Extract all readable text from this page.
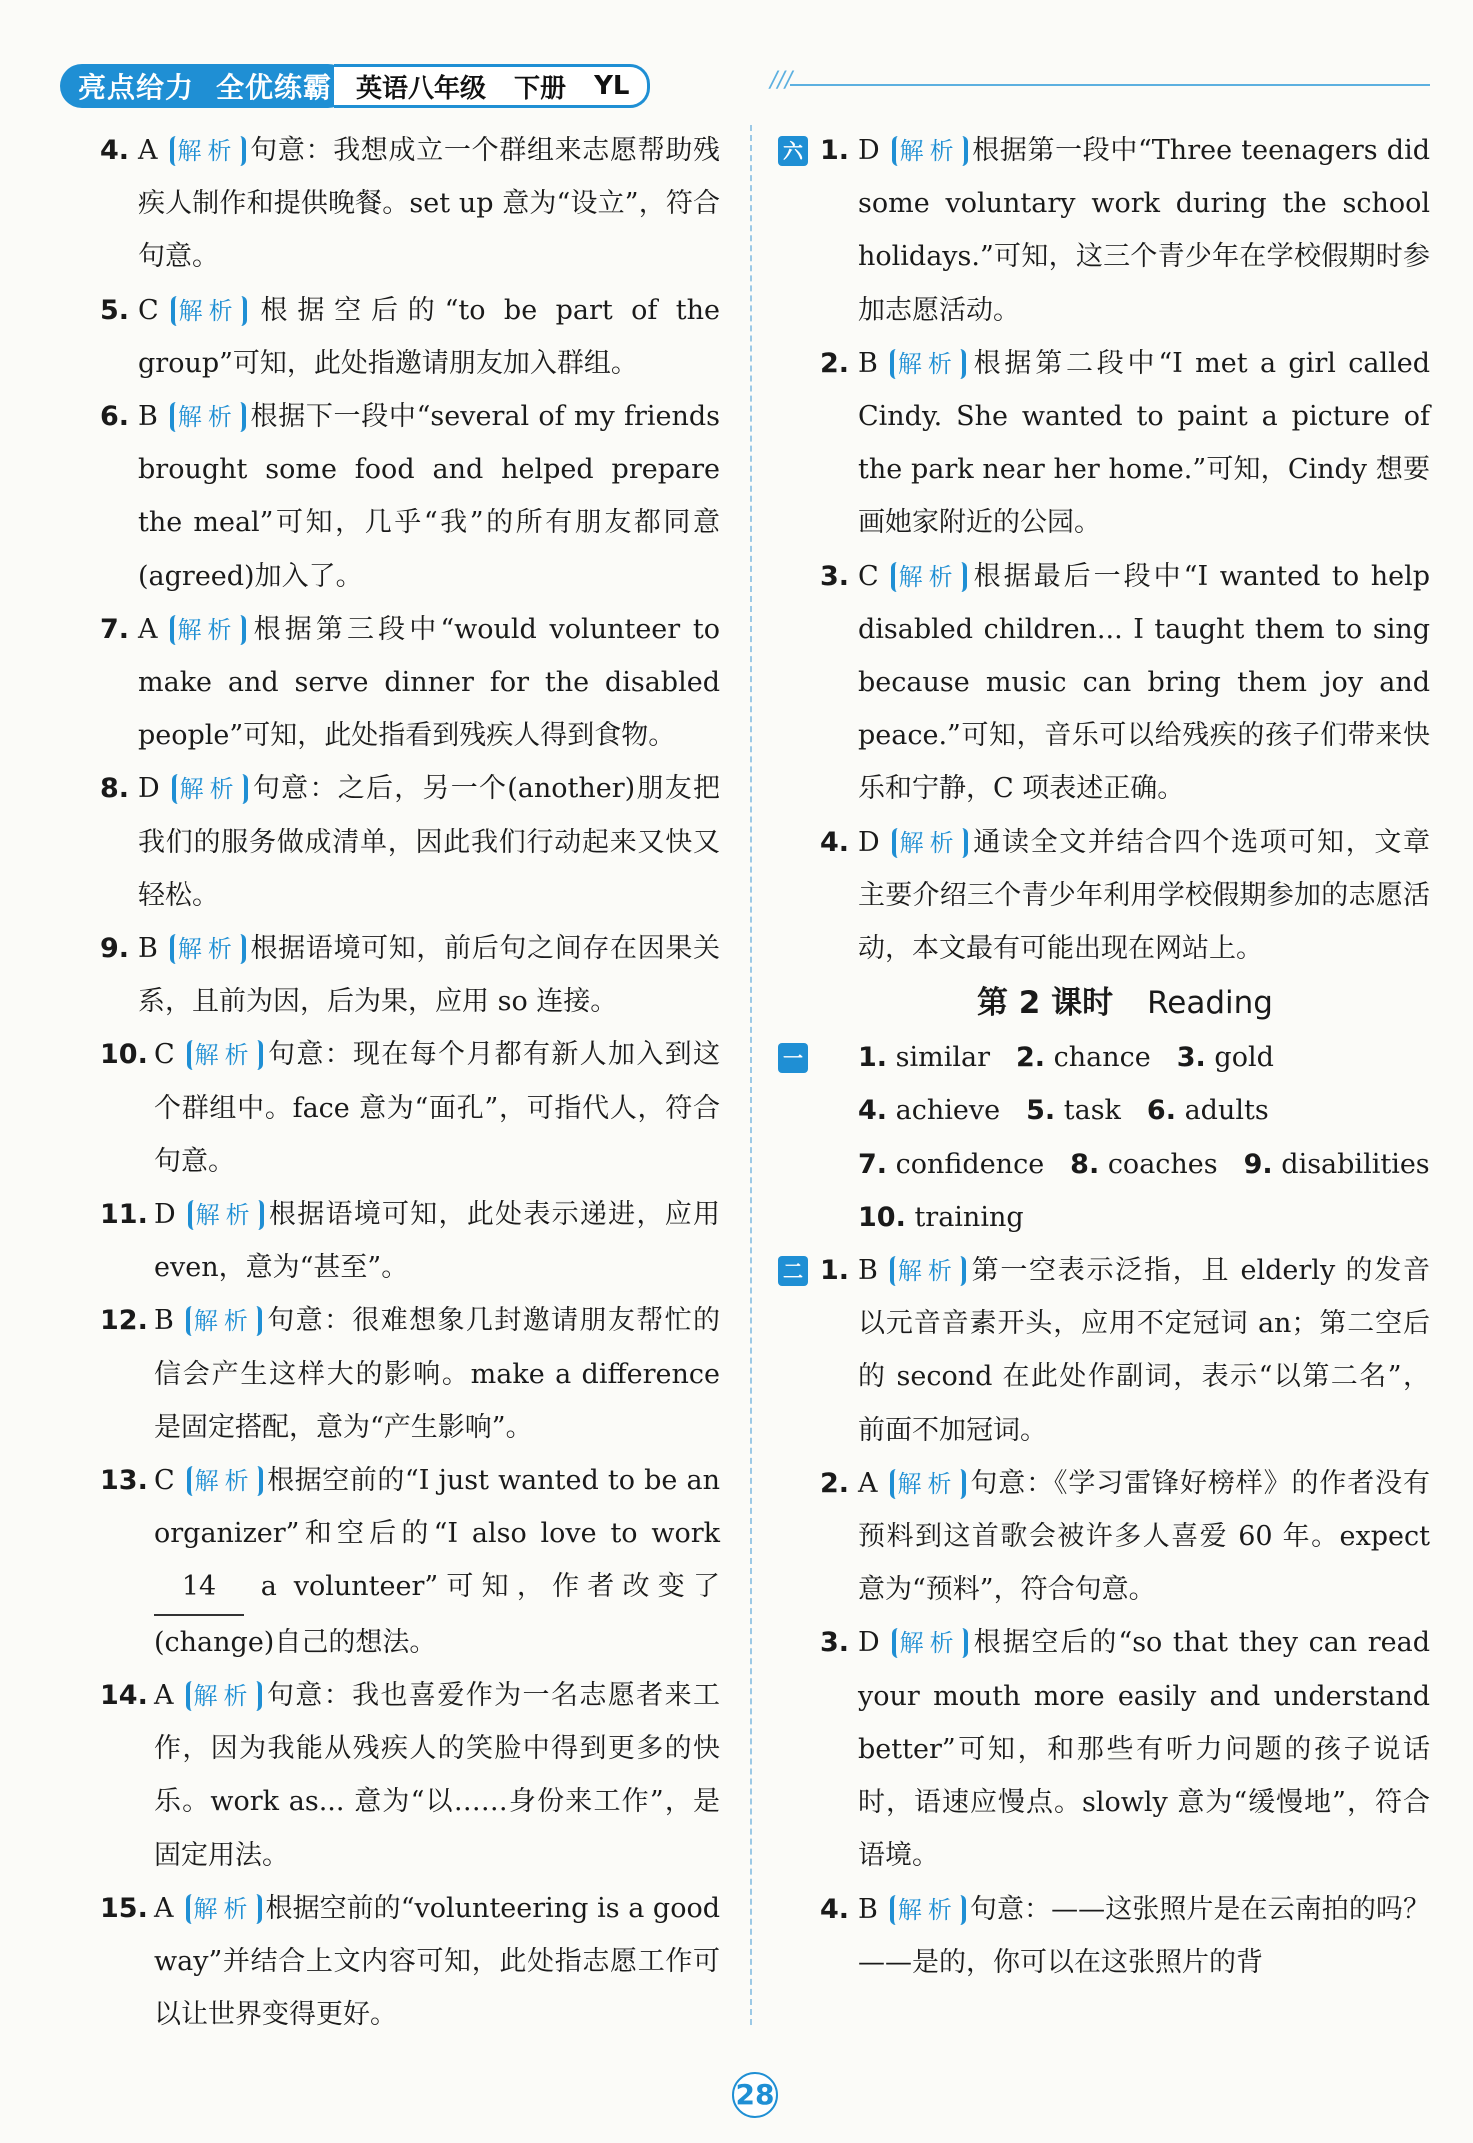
亮点给力 全优练霸 英语八年级 下册 YL	///
4. A 解析 句意：我想成立一个群组来志愿帮助残疾人制作和提供晚餐。set up 意为“设立”，符合句意。
5. C 解析 根据空后的“to be part of the group”可知，此处指邀请朋友加入群组。
6. B 解析 根据下一段中“several of my friends brought some food and helped prepare the meal”可知，几乎“我”的所有朋友都同意(agreed)加入了。
7. A 解析 根据第三段中“would volunteer to make and serve dinner for the disabled people”可知，此处指看到残疾人得到食物。
8. D 解析 句意：之后，另一个(another)朋友把我们的服务做成清单，因此我们行动起来又快又轻松。
9. B 解析 根据语境可知，前后句之间存在因果关系，且前为因，后为果，应用 so 连接。
10. C 解析 句意：现在每个月都有新人加入到这个群组中。face 意为“面孔”，可指代人，符合句意。
11. D 解析 根据语境可知，此处表示递进，应用 even，意为“甚至”。
12. B 解析 句意：很难想象几封邀请朋友帮忙的信会产生这样大的影响。make a difference 是固定搭配，意为“产生影响”。
13. C 解析 根据空前的“I just wanted to be an organizer”和空后的“I also love to work 14 a volunteer”可知，作者改变了(change)自己的想法。
14. A 解析 句意：我也喜爱作为一名志愿者来工作，因为我能从残疾人的笑脸中得到更多的快乐。work as... 意为“以……身份来工作”，是固定用法。
15. A 解析 根据空前的“volunteering is a good way”并结合上文内容可知，此处指志愿工作可以让世界变得更好。
六 1. D 解析 根据第一段中“Three teenagers did some voluntary work during the school holidays.”可知，这三个青少年在学校假期时参加志愿活动。
2. B 解析 根据第二段中“I met a girl called Cindy. She wanted to paint a picture of the park near her home.”可知，Cindy 想要画她家附近的公园。
3. C 解析 根据最后一段中“I wanted to help disabled children... I taught them to sing because music can bring them joy and peace.”可知，音乐可以给残疾的孩子们带来快乐和宁静，C 项表述正确。
4. D 解析 通读全文并结合四个选项可知，文章主要介绍三个青少年利用学校假期参加的志愿活动，本文最有可能出现在网站上。
第 2 课时 Reading
一 1. similar 2. chance 3. gold
4. achieve 5. task 6. adults
7. confidence 8. coaches 9. disabilities
10. training
二 1. B 解析 第一空表示泛指，且 elderly 的发音以元音音素开头，应用不定冠词 an；第二空后的 second 在此处作副词，表示“以第二名”，前面不加冠词。
2. A 解析 句意：《学习雷锋好榜样》的作者没有预料到这首歌会被许多人喜爱 60 年。expect 意为“预料”，符合句意。
3. D 解析 根据空后的“so that they can read your mouth more easily and understand better”可知，和那些有听力问题的孩子说话时，语速应慢点。slowly 意为“缓慢地”，符合语境。
4. B 解析 句意：——这张照片是在云南拍的吗？——是的，你可以在这张照片的背
28
